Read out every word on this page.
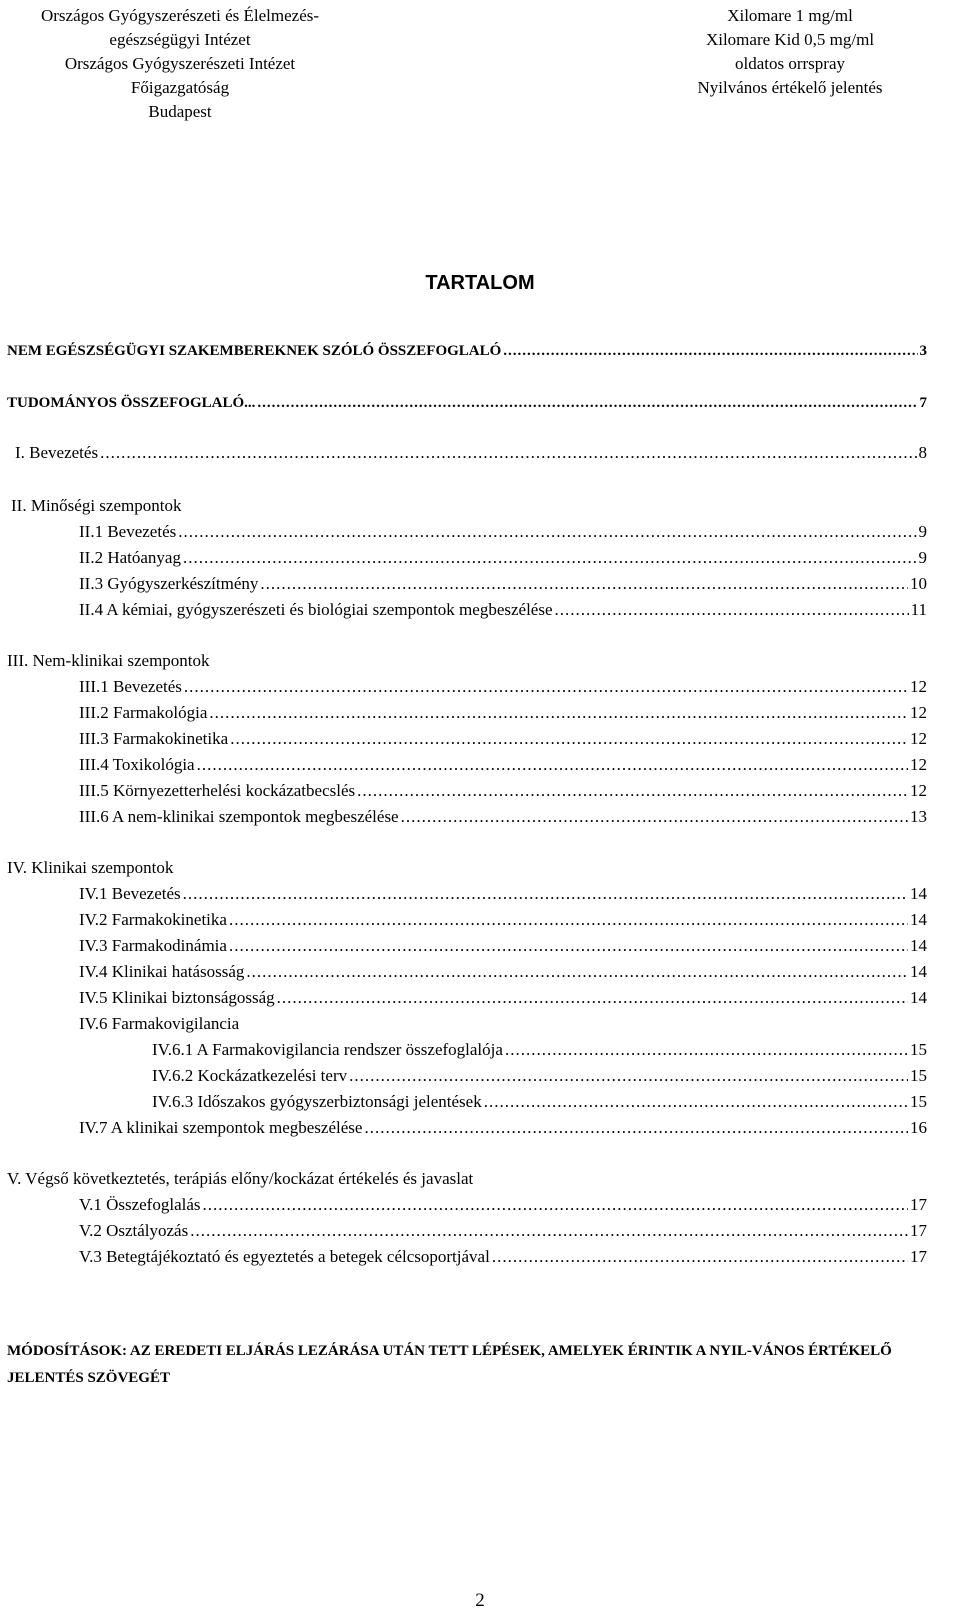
Országos Gyógyszerészeti és Élelmezés-
egészségügyi Intézet
Országos Gyógyszerészeti Intézet
Főigazgatóság
Budapest
Xilomare 1 mg/ml
Xilomare Kid 0,5 mg/ml
oldatos orrspray
Nyilvános értékelő jelentés
TARTALOM
NEM EGÉSZSÉGÜGYI SZAKEMBEREKNEK SZÓLÓ ÖSSZEFOGLALÓ .....	3
TUDOMÁNYOS ÖSSZEFOGLALÓ... .....	7
I. Bevezetés .....	8
II. Minőségi szempontok
II.1 Bevezetés .....	9
II.2 Hatóanyag .....	9
II.3 Gyógyszerkészítmény .....	10
II.4 A kémiai, gyógyszerészeti és biológiai szempontok megbeszélése .....	11
III. Nem-klinikai szempontok
III.1 Bevezetés .....	12
III.2 Farmakológia .....	12
III.3 Farmakokinetika .....	12
III.4 Toxikológia .....	12
III.5 Környezetterhelési kockázatbecslés .....	12
III.6 A nem-klinikai szempontok megbeszélése .....	13
IV. Klinikai szempontok
IV.1 Bevezetés .....	14
IV.2 Farmakokinetika .....	14
IV.3 Farmakodinámia .....	14
IV.4 Klinikai hatásosság .....	14
IV.5 Klinikai biztonságosság .....	14
IV.6 Farmakovigilancia
IV.6.1 A Farmakovigilancia rendszer összefoglalója .....	15
IV.6.2 Kockázatkezelési terv .....	15
IV.6.3 Időszakos gyógyszerbiztonsági jelentések .....	15
IV.7 A klinikai szempontok megbeszélése .....	16
V. Végső következtetés, terápiás előny/kockázat értékelés és javaslat
V.1 Összefoglalás .....	17
V.2 Osztályozás .....	17
V.3 Betegtájékoztató és egyeztetés a betegek célcsoportjával .....	17
MÓDOSÍTÁSOK: AZ EREDETI ELJÁRÁS LEZÁRÁSA UTÁN TETT LÉPÉSEK, AMELYEK ÉRINTIK A NYIL-VÁNOS ÉRTÉKELŐ JELENTÉS SZÖVEGÉT
2
